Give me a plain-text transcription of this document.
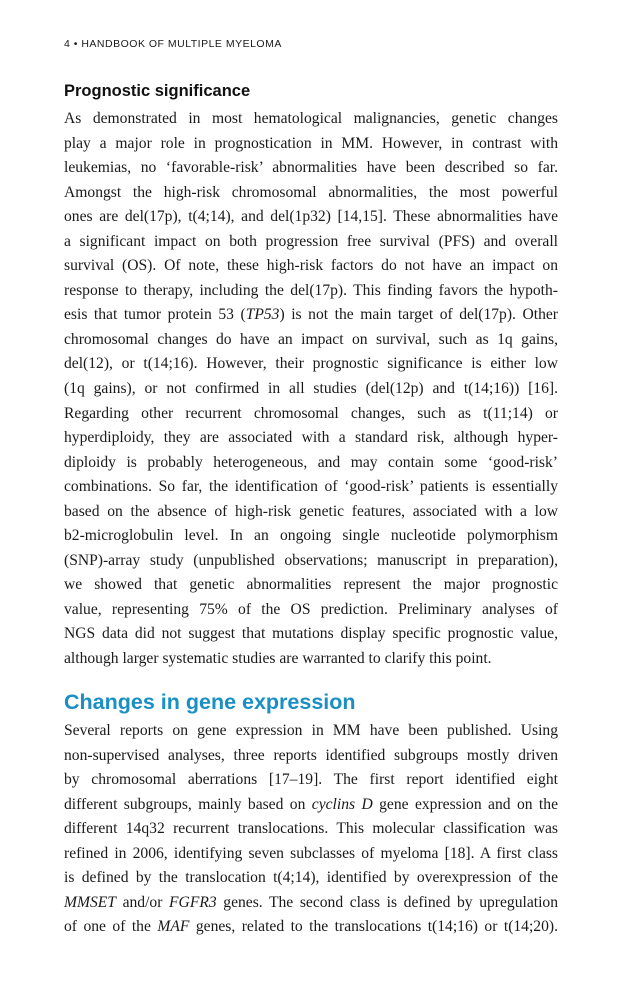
4 • HANDBOOK OF MULTIPLE MYELOMA
Prognostic significance

As demonstrated in most hematological malignancies, genetic changes
play a major role in prognostication in MM. However, in contrast with
leukemias, no ‘favorable-risk’ abnormalities have been described so far.
Amongst the high-risk chromosomal abnormalities, the most powerful
ones are del(17p), t(4;14), and del(1p32) [14,15]. These abnormalities have
a significant impact on both progression free survival (PFS) and overall
survival (OS). Of note, these high-risk factors do not have an impact on
response to therapy, including the del(17p). This finding favors the hypoth-
esis that tumor protein 53 (TP53) is not the main target of del(17p). Other
chromosomal changes do have an impact on survival, such as 1q gains,
del(12), or t(14;16). However, their prognostic significance is either low
(1q gains), or not confirmed in all studies (del(12p) and t(14;16)) [16].
Regarding other recurrent chromosomal changes, such as t(11;14) or
hyperdiploidy, they are associated with a standard risk, although hyper-
diploidy is probably heterogeneous, and may contain some ‘good-risk’
combinations. So far, the identification of ‘good-risk’ patients is essentially
based on the absence of high-risk genetic features, associated with a low
b2-microglobulin level. In an ongoing single nucleotide polymorphism
(SNP)-array study (unpublished observations; manuscript in preparation),
we showed that genetic abnormalities represent the major prognostic
value, representing 75% of the OS prediction. Preliminary analyses of
NGS data did not suggest that mutations display specific prognostic value,
although larger systematic studies are warranted to clarify this point.

Changes in gene expression

Several reports on gene expression in MM have been published. Using
non-supervised analyses, three reports identified subgroups mostly driven
by chromosomal aberrations [17–19]. The first report identified eight
different subgroups, mainly based on cyclins D gene expression and on the
different 14q32 recurrent translocations. This molecular classification was
refined in 2006, identifying seven subclasses of myeloma [18]. A first class
is defined by the translocation t(4;14), identified by overexpression of the
MMSET and/or FGFR3 genes. The second class is defined by upregulation
of one of the MAF genes, related to the translocations t(14;16) or t(14;20).
